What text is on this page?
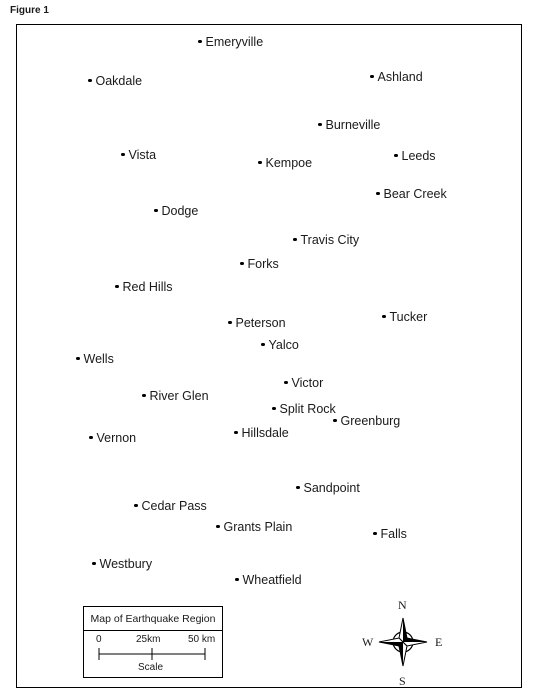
Figure 1
Emeryville
Oakdale	Ashland
Burneville
Vista
Kempoe	Leeds
Bear Creek
Dodge
Travis City
Forks
Red Hills
Tucker
Peterson
Yalco
Wells
Victor
River Glen
Split Rock
Greenburg
Hillsdale
Vernon
Sandpoint
Cedar Pass
Grants Plain	Falls
Westbury
Wheatfield
Map of Earthquake Region
0	25km	50 km
Scale
N
S
W	E
